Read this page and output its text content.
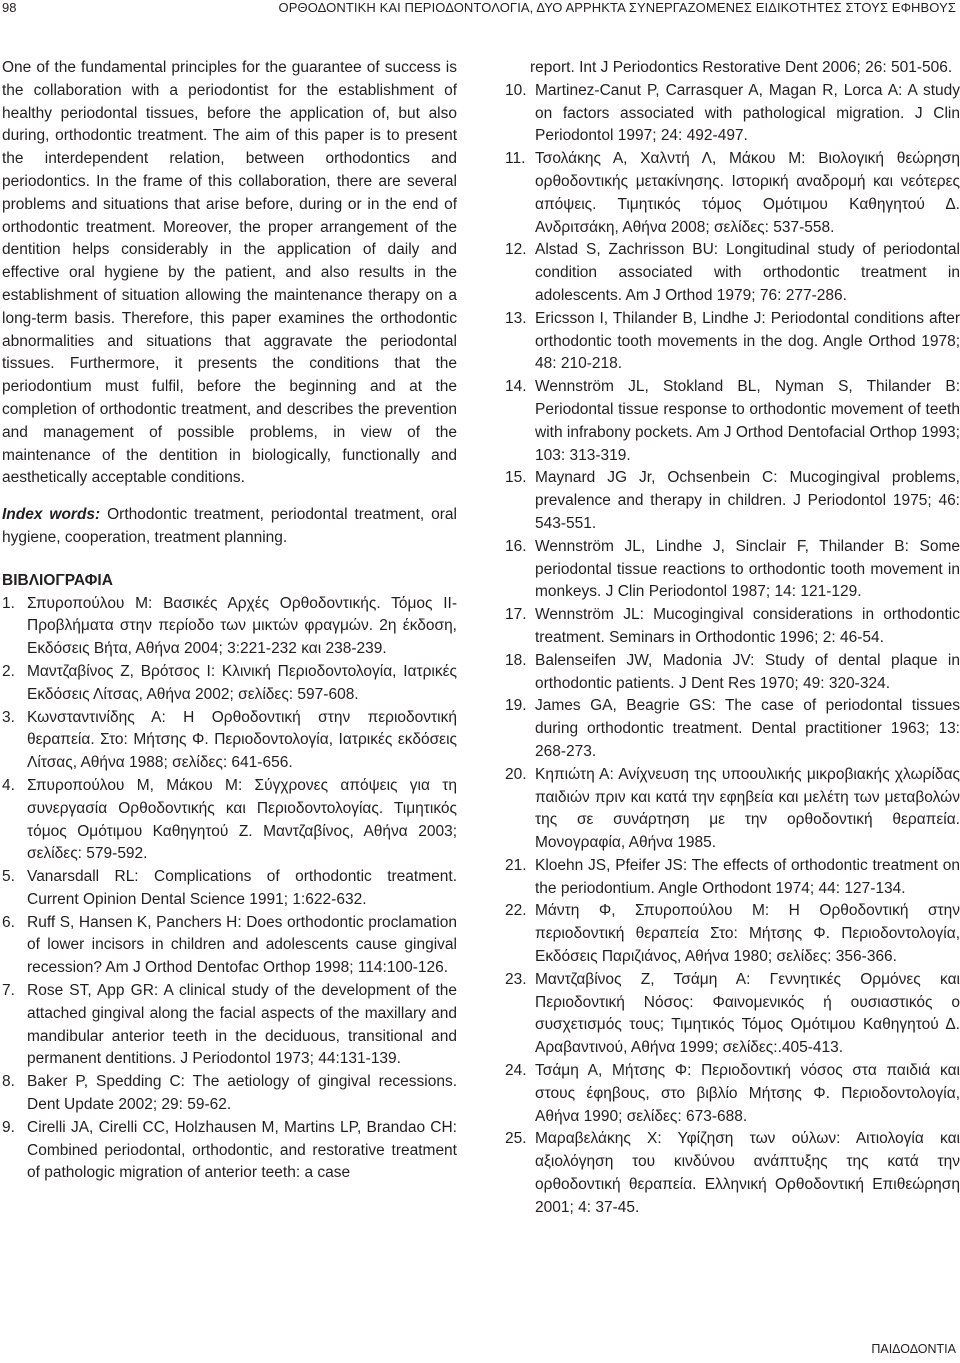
98	ΟΡΘΟΔΟΝΤΙΚΗ ΚΑΙ ΠΕΡΙΟΔΟΝΤΟΛΟΓΙΑ, ΔΥΟ ΑΡΡΗΚΤΑ ΣΥΝΕΡΓΑΖΟΜΕΝΕΣ ΕΙΔΙΚΟΤΗΤΕΣ ΣΤΟΥΣ ΕΦΗΒΟΥΣ

One of the fundamental principles for the guarantee of success is the collaboration with a periodontist for the establishment of healthy periodontal tissues, before the application of, but also during, orthodontic treatment. The aim of this paper is to present the interdependent relation, between orthodontics and periodontics. In the frame of this collaboration, there are several problems and situations that arise before, during or in the end of orthodontic treatment. Moreover, the proper arrangement of the dentition helps considerably in the application of daily and effective oral hygiene by the patient, and also results in the establishment of situation allowing the maintenance therapy on a long-term basis. Therefore, this paper examines the orthodontic abnormalities and situations that aggravate the periodontal tissues. Furthermore, it presents the conditions that the periodontium must fulfil, before the beginning and at the completion of orthodontic treatment, and describes the prevention and management of possible problems, in view of the maintenance of the dentition in biologically, functionally and aesthetically acceptable conditions.

Index words: Orthodontic treatment, periodontal treatment, oral hygiene, cooperation, treatment planning.

ΒΙΒΛΙΟΓΡΑΦΙΑ
1. Σπυροπούλου Μ: Βασικές Αρχές Ορθοδοντικής. Τόμος ΙΙ-Προβλήματα στην περίοδο των μικτών φραγμών. 2η έκδοση, Εκδόσεις Βήτα, Αθήνα 2004; 3:221-232 και 238-239.
2. Μαντζαβίνος Ζ, Βρότσος Ι: Κλινική Περιοδοντολογία, Ιατρικές Εκδόσεις Λίτσας, Αθήνα 2002; σελίδες: 597-608.
3. Κωνσταντινίδης Α: Η Ορθοδοντική στην περιοδοντική θεραπεία. Στο: Μήτσης Φ. Περιοδοντολογία, Ιατρικές εκδόσεις Λίτσας, Αθήνα 1988; σελίδες: 641-656.
4. Σπυροπούλου Μ, Μάκου Μ: Σύγχρονες απόψεις για τη συνεργασία Ορθοδοντικής και Περιοδοντολογίας. Τιμητικός τόμος Ομότιμου Καθηγητού Ζ. Μαντζαβίνος, Αθήνα 2003; σελίδες: 579-592.
5. Vanarsdall RL: Complications of orthodontic treatment. Current Opinion Dental Science 1991; 1:622-632.
6. Ruff S, Hansen K, Panchers H: Does orthodontic proclamation of lower incisors in children and adolescents cause gingival recession? Am J Orthod Dentofac Orthop 1998; 114:100-126.
7. Rose ST, App GR: A clinical study of the development of the attached gingival along the facial aspects of the maxillary and mandibular anterior teeth in the deciduous, transitional and permanent dentitions. J Periodontol 1973; 44:131-139.
8. Baker P, Spedding C: The aetiology of gingival recessions. Dent Update 2002; 29: 59-62.
9. Cirelli JA, Cirelli CC, Holzhausen M, Martins LP, Brandao CH: Combined periodontal, orthodontic, and restorative treatment of pathologic migration of anterior teeth: a case

report. Int J Periodontics Restorative Dent 2006; 26: 501-506.

10. Martinez-Canut P, Carrasquer A, Magan R, Lorca A: A study on factors associated with pathological migration. J Clin Periodontol 1997; 24: 492-497.
11. Τσολάκης Α, Χαλντή Λ, Μάκου Μ: Βιολογική θεώρηση ορθοδοντικής μετακίνησης. Ιστορική αναδρομή και νεότερες απόψεις. Τιμητικός τόμος Ομότιμου Καθηγητού Δ. Ανδριτσάκη, Αθήνα 2008; σελίδες: 537-558.
12. Alstad S, Zachrisson BU: Longitudinal study of periodontal condition associated with orthodontic treatment in adolescents. Am J Orthod 1979; 76: 277-286.
13. Ericsson I, Thilander B, Lindhe J: Periodontal conditions after orthodontic tooth movements in the dog. Angle Orthod 1978; 48: 210-218.
14. Wennström JL, Stokland BL, Nyman S, Thilander B: Periodontal tissue response to orthodontic movement of teeth with infrabony pockets. Am J Orthod Dentofacial Orthop 1993; 103: 313-319.
15. Maynard JG Jr, Ochsenbein C: Mucogingival problems, prevalence and therapy in children. J Periodontol 1975; 46: 543-551.
16. Wennström JL, Lindhe J, Sinclair F, Thilander B: Some periodontal tissue reactions to orthodontic tooth movement in monkeys. J Clin Periodontol 1987; 14: 121-129.
17. Wennström JL: Mucogingival considerations in orthodontic treatment. Seminars in Orthodontic 1996; 2: 46-54.
18. Balenseifen JW, Madonia JV: Study of dental plaque in orthodontic patients. J Dent Res 1970; 49: 320-324.
19. James GA, Beagrie GS: The case of periodontal tissues during orthodontic treatment. Dental practitioner 1963; 13: 268-273.
20. Κηπιώτη Α: Ανίχνευση της υποουλικής μικροβιακής χλωρίδας παιδιών πριν και κατά την εφηβεία και μελέτη των μεταβολών της σε συνάρτηση με την ορθοδοντική θεραπεία. Μονογραφία, Αθήνα 1985.
21. Kloehn JS, Pfeifer JS: The effects of orthodontic treatment on the periodontium. Angle Orthodont 1974; 44: 127-134.
22. Μάντη Φ, Σπυροπούλου Μ: Η Ορθοδοντική στην περιοδοντική θεραπεία Στο: Μήτσης Φ. Περιοδοντολογία, Εκδόσεις Παριζιάνος, Αθήνα 1980; σελίδες: 356-366.
23. Μαντζαβίνος Ζ, Τσάμη Α: Γεννητικές Ορμόνες και Περιοδοντική Νόσος: Φαινομενικός ή ουσιαστικός ο συσχετισμός τους; Τιμητικός Τόμος Ομότιμου Καθηγητού Δ. Αραβαντινού, Αθήνα 1999; σελίδες:.405-413.
24. Τσάμη Α, Μήτσης Φ: Περιοδοντική νόσος στα παιδιά και στους έφηβους, στο βιβλίο Μήτσης Φ. Περιοδοντολογία, Αθήνα 1990; σελίδες: 673-688.
25. Μαραβελάκης Χ: Υφίζηση των ούλων: Αιτιολογία και αξιολόγηση του κινδύνου ανάπτυξης της κατά την ορθοδοντική θεραπεία. Ελληνική Ορθοδοντική Επιθεώρηση 2001; 4: 37-45.
ΠΑΙΔΟΔΟΝΤΙΑ
